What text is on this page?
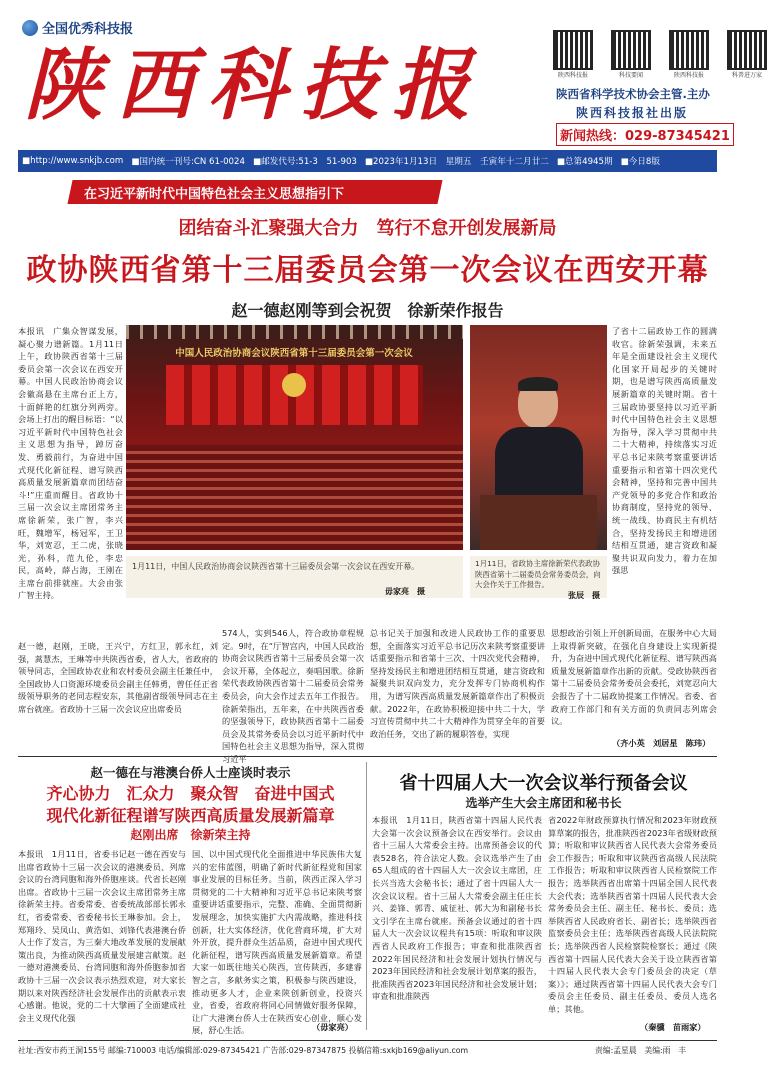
全国优秀科技报
陕西科技报	陕西科技报	科技要闻	陕西科技报	科普进万家
陕西省科学技术协会主管.主办
陕西科技报社出版
新闻热线：029-87345421
■http://www.snkjb.com ■国内统一刊号:CN 61-0024 ■邮发代号:51-3　51-903 ■2023年1月13日　星期五　壬寅年十二月廿二 ■总第4945期 ■今日8版
在习近平新时代中国特色社会主义思想指引下
团结奋斗汇聚强大合力　笃行不怠开创发展新局
政协陕西省第十三届委员会第一次会议在西安开幕
赵一德赵刚等到会祝贺　徐新荣作报告
本报讯　广集众智谋发展，凝心聚力谱新篇。1月11日上午，政协陕西省第十三届委员会第一次会议在西安开幕。中国人民政治协商会议会徽高悬在主席台正上方，十面鲜艳的红旗分列两旁。会场上打出的醒目标语：“以习近平新时代中国特色社会主义思想为指导，踔厉奋发、勇毅前行，为奋进中国式现代化新征程、谱写陕西高质量发展新篇章而团结奋斗!”庄重而醒目。省政协十三届一次会议主席团常务主席徐新荣，张广智，李兴旺，魏增军，杨冠军，王卫华，刘宽忍，王二虎，张晓光，孙科，范九伦，李忠民，高岭，薛占海，王刚在主席台前排就座。大会由张广智主持。
中国人民政治协商会议陕西省第十三届委员会第一次会议
1月11日，中国人民政治协商会议陕西省第十三届委员会第一次会议在西安开幕。
毋家亮　摄
1月11日，省政协主席徐新荣代表政协陕西省第十二届委员会常务委员会，向大会作关于工作报告。
张辰　摄
了省十二届政协工作的圆满收官。徐新荣强调，未来五年是全面建设社会主义现代化国家开局起步的关键时期，也是谱写陕西高质量发展新篇章的关键时期。省十三届政协要坚持以习近平新时代中国特色社会主义思想为指导，深入学习贯彻中共二十大精神，持续落实习近平总书记来陕考察重要讲话重要指示和省第十四次党代会精神，坚持和完善中国共产党领导的多党合作和政治协商制度，坚持党的领导、统一战线、协商民主有机结合，坚持发扬民主和增进团结相互贯通，建言资政和凝聚共识双向发力，着力在加强思
赵一德，赵刚，王晓，王兴宁，方红卫，郭永红，刘强，蒿慧杰，王琳等中共陕西省委，省人大，省政府的领导同志，全国政协农业和农村委员会副主任兼任中，全国政协人口资源环境委员会副主任韩勇，曾任任正省级领导职务的老同志程安东，其他副省级领导同志在主席台就座。省政协十三届一次会议应出席委员
574人，实到546人，符合政协章程规定。9时，在“厅智宫内，中国人民政治协商会议陕西省第十三届委员会第一次会议开幕，全体起立，奏唱国歌。徐新荣代表政协陕西省第十二届委员会常务委员会，向大会作过去五年工作报告。徐新荣指出，五年来，在中共陕西省委的坚强领导下，政协陕西省第十二届委员会及其常务委员会以习近平新时代中国特色社会主义思想为指导，深入贯彻习近平
总书记关于加强和改进人民政协工作的重要思想，全面落实习近平总书记历次来陕考察重要讲话重要指示和省第十三次、十四次党代会精神，坚持发扬民主和增进团结相互贯通，建言资政和凝聚共识双向发力，充分发挥专门协商机构作用，为谱写陕西高质量发展新篇章作出了积极贡献。2022年，在政协积极迎接中共二十大，学习宣传贯彻中共二十大精神作为贯穿全年的首要政治任务，交出了新的履职答卷，实现
思想政治引领上开创新局面，在服务中心大局上取得新突破，在强化自身建设上实现新提升，为奋进中国式现代化新征程、谱写陕西高质量发展新篇章作出新的贡献。受政协陕西省第十二届委员会常务委员会委托，刘宽忍向大会报告了十二届政协提案工作情况。省委、省政府工作部门和有关方面的负责同志列席会议。
（齐小英　刘居星　陈玮）
赵一德在与港澳台侨人士座谈时表示
齐心协力　汇众力　聚众智　奋进中国式
现代化新征程谱写陕西高质量发展新篇章
赵刚出席　徐新荣主持
本报讯　1月11日，省委书记赵一德在西安与出席省政协十三届一次会议的港澳委员、列席会议的台湾同胞和海外侨胞座谈。代省长赵刚出席。省政协十三届一次会议主席团常务主席徐新荣主持。省委常委、省委统战部部长郭永红，省委常委、省委秘书长王琳参加。会上，郑翔玲、吴凤山、黄浩如、刘锋代表港澳台侨人士作了发言，为三秦大地改革发展的发展献策出良，为推动陕西高质量发展建言献策。赵一德对港澳委员、台湾同胞和海外侨胞参加省政协十三届一次会议表示热烈欢迎，对大家长期以来对陕西经济社会发展作出的贡献表示衷心感谢。他说，党的二十大擘画了全面建成社会主义现代化强
国、以中国式现代化全面推进中华民族伟大复兴的宏伟蓝图，明确了新时代新征程党和国家事业发展的目标任务。当前，陕西正深入学习贯彻党的二十大精神和习近平总书记来陕考察重要讲话重要指示，完整、准确、全面贯彻新发展理念，加快实施扩大内需战略，推进科技创新，壮大实体经济，优化营商环境，扩大对外开放，提升群众生活品质，奋进中国式现代化新征程，谱写陕西高质量发展新篇章。希望大家一如既往地关心陕西，宣传陕西，多建睿智之言，多献务实之策，积极参与陕西建设，推动更多人才，企业来陕创新创业，投资兴业，省委，省政府将同心同情做好服务保障，让广大港澳台侨人士在陕西安心创业，顺心发展，舒心生活。	（毋家亮）
省十四届人大一次会议举行预备会议
选举产生大会主席团和秘书长
本报讯　1月11日，陕西省第十四届人民代表大会第一次会议预备会议在西安举行。会议由省十三届人大常委会主持。出席预备会议的代表528名，符合法定人数。会议选举产生了由65人组成的省十四届人大一次会议主席团，庄长兴当选大会秘书长；通过了省十四届人大一次会议议程。省十三届人大常委会副主任庄长兴、姜锋、郭青、戚征社、郭大为和副秘书长文引学在主席台就座。预备会议通过的省十四届人大一次会议议程共有15项：听取和审议陕西省人民政府工作报告；审查和批准陕西省2022年国民经济和社会发展计划执行情况与2023年国民经济和社会发展计划草案的报告，批准陕西省2023年国民经济和社会发展计划；审查和批准陕西
省2022年财政预算执行情况和2023年财政预算草案的报告，批准陕西省2023年省级财政预算；听取和审议陕西省人民代表大会常务委员会工作报告；听取和审议陕西省高级人民法院工作报告；听取和审议陕西省人民检察院工作报告；选举陕西省出席第十四届全国人民代表大会代表；选举陕西省第十四届人民代表大会常务委员会主任、副主任、秘书长、委员；选举陕西省人民政府省长、副省长；选举陕西省监察委员会主任；选举陕西省高级人民法院院长；选举陕西省人民检察院检察长；通过《陕西省第十四届人民代表大会关于设立陕西省第十四届人民代表大会专门委员会的决定（草案）》；通过陕西省第十四届人民代表大会专门委员会主任委员、副主任委员、委员人选名单；其他。
（秦骥　苗雨家）
社址:西安市药王洞155号 邮编:710003 电话/编辑部:029-87345421 广告部:029-87347875 投稿信箱:sxkjb169@aliyun.com	责编:孟星晨　美编:雨　丰
